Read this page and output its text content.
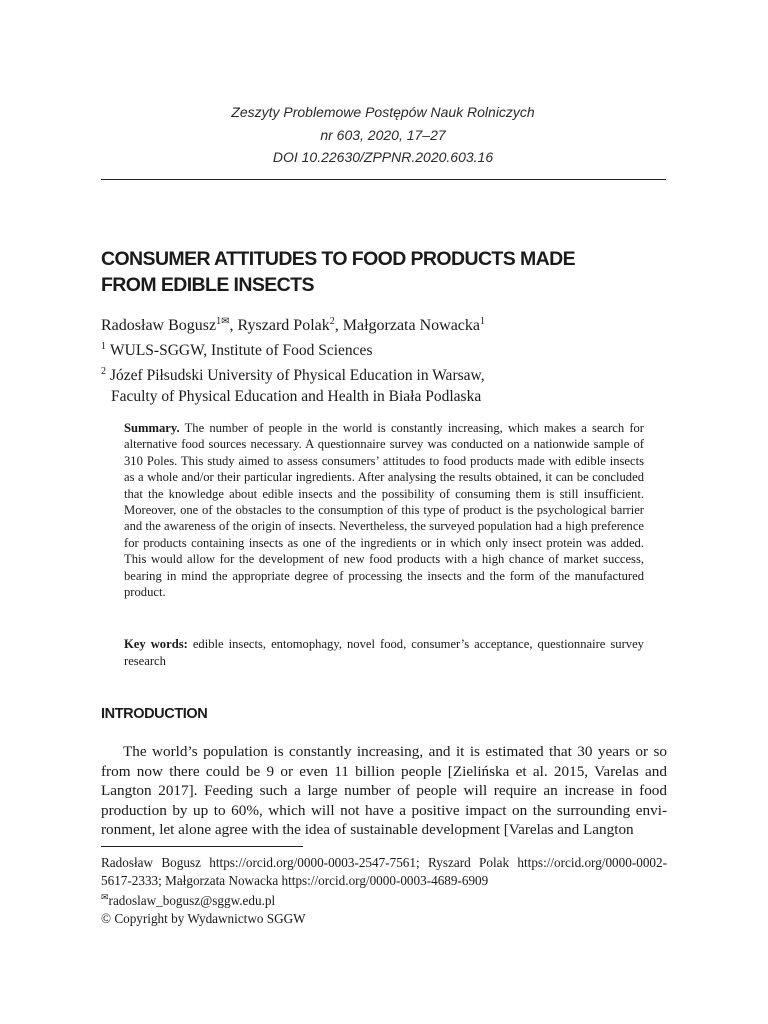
Zeszyty Problemowe Postępów Nauk Rolniczych
nr 603, 2020, 17–27
DOI 10.22630/ZPPNR.2020.603.16
CONSUMER ATTITUDES TO FOOD PRODUCTS MADE
FROM EDIBLE INSECTS
Radosław Bogusz$^{1✉}$, Ryszard Polak$^2$, Małgorzata Nowacka$^1$
$^1$ WULS-SGGW, Institute of Food Sciences
$^2$ Józef Piłsudski University of Physical Education in Warsaw,
Faculty of Physical Education and Health in Biała Podlaska

Summary. The number of people in the world is constantly increasing, which makes a search for alternative food sources necessary. A questionnaire survey was conducted on a nationwide sample of 310 Poles. This study aimed to assess consumers’ attitudes to food products made with edible insects as a whole and/or their particular ingredients. After analysing the results obtained, it can be concluded that the knowledge about edible insects and the possibility of consuming them is still insufficient. Moreover, one of the obstacles to the consumption of this type of product is the psychological barrier and the awareness of the origin of insects. Nevertheless, the surveyed population had a high preference for products containing insects as one of the ingredients or in which only insect protein was added. This would allow for the development of new food products with a high chance of market success, bearing in mind the appropriate degree of processing the insects and the form of the manufactured product.

Key words: edible insects, entomophagy, novel food, consumer’s acceptance, questionnaire survey research

INTRODUCTION

The world’s population is constantly increasing, and it is estimated that 30 years or so from now there could be 9 or even 11 billion people [Zielińska et al. 2015, Varelas and Langton 2017]. Feeding such a large number of people will require an increase in food production by up to 60%, which will not have a positive impact on the surrounding environment, let alone agree with the idea of sustainable development [Varelas and Langton

Radosław Bogusz https://orcid.org/0000-0003-2547-7561; Ryszard Polak https://orcid.org/0000-0002-5617-2333; Małgorzata Nowacka https://orcid.org/0000-0003-4689-6909

✉radoslaw_bogusz@sggw.edu.pl

© Copyright by Wydawnictwo SGGW
